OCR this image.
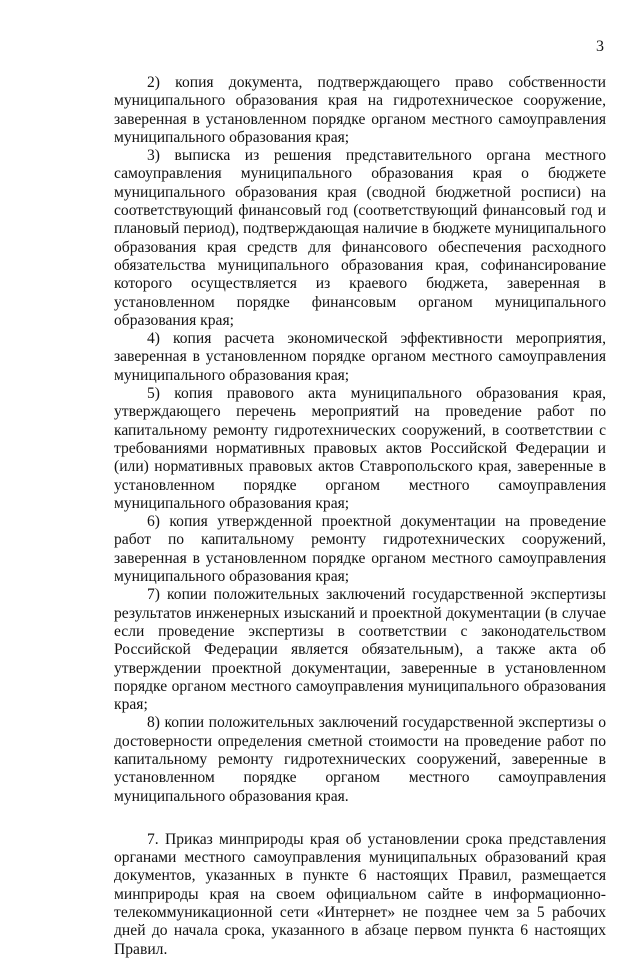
3

2) копия документа, подтверждающего право собственности муниципального образования края на гидротехническое сооружение, заверенная в установленном порядке органом местного самоуправления муниципального образования края;

3) выписка из решения представительного органа местного самоуправления муниципального образования края о бюджете муниципального образования края (сводной бюджетной росписи) на соответствующий финансовый год (соответствующий финансовый год и плановый период), подтверждающая наличие в бюджете муниципального образования края средств для финансового обеспечения расходного обязательства муниципального образования края, софинансирование которого осуществляется из краевого бюджета, заверенная в установленном порядке финансовым органом муниципального образования края;

4) копия расчета экономической эффективности мероприятия, заверенная в установленном порядке органом местного самоуправления муниципального образования края;

5) копия правового акта муниципального образования края, утверждающего перечень мероприятий на проведение работ по капитальному ремонту гидротехнических сооружений, в соответствии с требованиями нормативных правовых актов Российской Федерации и (или) нормативных правовых актов Ставропольского края, заверенные в установленном порядке органом местного самоуправления муниципального образования края;

6) копия утвержденной проектной документации на проведение работ по капитальному ремонту гидротехнических сооружений, заверенная в установленном порядке органом местного самоуправления муниципального образования края;

7) копии положительных заключений государственной экспертизы результатов инженерных изысканий и проектной документации (в случае если проведение экспертизы в соответствии с законодательством Российской Федерации является обязательным), а также акта об утверждении проектной документации, заверенные в установленном порядке органом местного самоуправления муниципального образования края;

8) копии положительных заключений государственной экспертизы о достоверности определения сметной стоимости на проведение работ по капитальному ремонту гидротехнических сооружений, заверенные в установленном порядке органом местного самоуправления муниципального образования края.

7. Приказ минприроды края об установлении срока представления органами местного самоуправления муниципальных образований края документов, указанных в пункте 6 настоящих Правил, размещается минприроды края на своем официальном сайте в информационно-телекоммуникационной сети «Интернет» не позднее чем за 5 рабочих дней до начала срока, указанного в абзаце первом пункта 6 настоящих Правил.
